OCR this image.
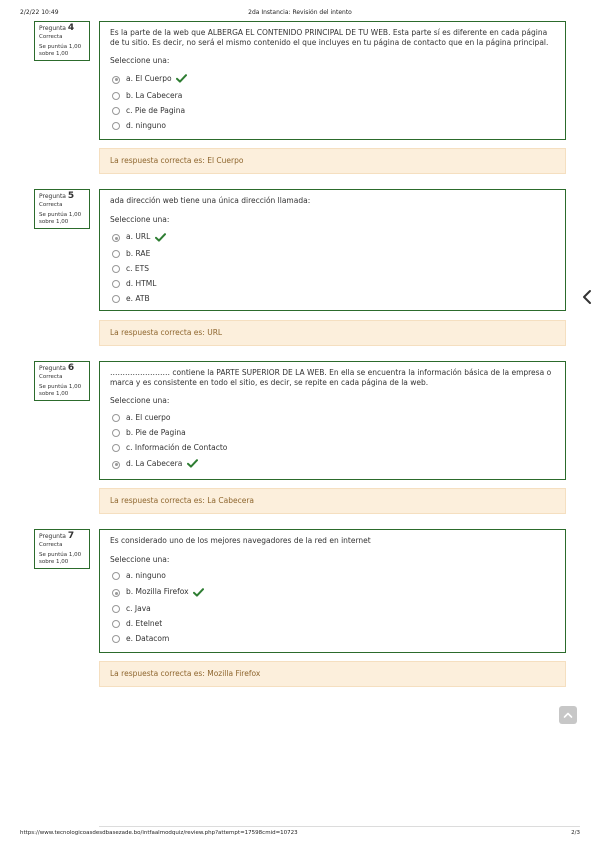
2/2/22 10:49	2da Instancia: Revisión del intento
Pregunta 4
Correcta
Se puntúa 1,00
sobre 1,00

Es la parte de la web que ALBERGA EL CONTENIDO PRINCIPAL DE TU WEB. Esta parte sí es diferente en cada página de tu sitio. Es decir, no será el mismo contenido el que incluyes en tu página de contacto que en la página principal.

Seleccione una:
a. El Cuerpo
b. La Cabecera
c. Pie de Pagina
d. ninguno
La respuesta correcta es: El Cuerpo
Pregunta 5
Correcta
Se puntúa 1,00
sobre 1,00

ada dirección web tiene una única dirección llamada:

Seleccione una:
a. URL
b. RAE
c. ETS
d. HTML
e. ATB
La respuesta correcta es: URL
Pregunta 6
Correcta
Se puntúa 1,00
sobre 1,00

…………………… contiene la PARTE SUPERIOR DE LA WEB. En ella se encuentra la información básica de la empresa o marca y es consistente en todo el sitio, es decir, se repite en cada página de la web.

Seleccione una:
a. El cuerpo
b. Pie de Pagina
c. Información de Contacto
d. La Cabecera
La respuesta correcta es: La Cabecera
Pregunta 7
Correcta
Se puntúa 1,00
sobre 1,00

Es considerado uno de los mejores navegadores de la red en internet

Seleccione una:
a. ninguno
b. Mozilla Firefox
c. Java
d. Etelnet
e. Datacom
La respuesta correcta es: Mozilla Firefox
https://www.tecnologicoasdesdbasezade.bo/intfaalmodquiz/review.php?attempt=17598cmid=10723	2/3
